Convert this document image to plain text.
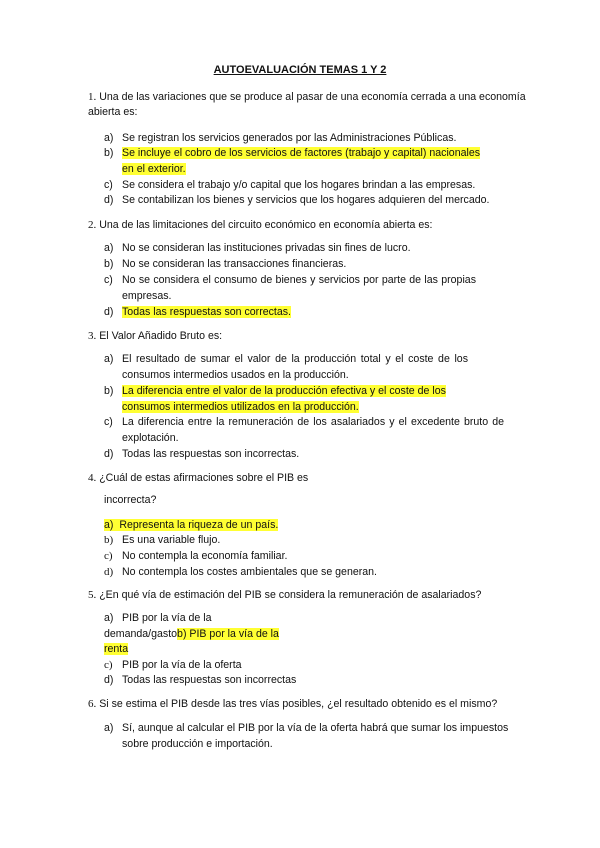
AUTOEVALUACIÓN TEMAS 1 Y 2
1. Una de las variaciones que se produce al pasar de una economía cerrada a una economía abierta es:
a) Se registran los servicios generados por las Administraciones Públicas.
b) Se incluye el cobro de los servicios de factores (trabajo y capital) nacionales
en el exterior.
c) Se considera el trabajo y/o capital que los hogares brindan a las empresas.
d) Se contabilizan los bienes y servicios que los hogares adquieren del mercado.
2. Una de las limitaciones del circuito económico en economía abierta es:
a) No se consideran las instituciones privadas sin fines de lucro.
b) No se consideran las transacciones financieras.
c) No se considera el consumo de bienes y servicios por parte de las propias empresas.
d) Todas las respuestas son correctas.
3. El Valor Añadido Bruto es:
a) El resultado de sumar el valor de la producción total y el coste de los consumos intermedios usados en la producción.
b) La diferencia entre el valor de la producción efectiva y el coste de los consumos intermedios utilizados en la producción.
c) La diferencia entre la remuneración de los asalariados y el excedente bruto de explotación.
d) Todas las respuestas son incorrectas.
4. ¿Cuál de estas afirmaciones sobre el PIB es
incorrecta?
a) Representa la riqueza de un país.
b) Es una variable flujo.
c) No contempla la economía familiar.
d) No contempla los costes ambientales que se generan.
5. ¿En qué vía de estimación del PIB se considera la remuneración de asalariados?
a) PIB por la vía de la
demanda/gastob) PIB por la vía de la
renta
c) PIB por la vía de la oferta
d) Todas las respuestas son incorrectas
6. Si se estima el PIB desde las tres vías posibles, ¿el resultado obtenido es el mismo?
a) Sí, aunque al calcular el PIB por la vía de la oferta habrá que sumar los impuestos
sobre producción e importación.
